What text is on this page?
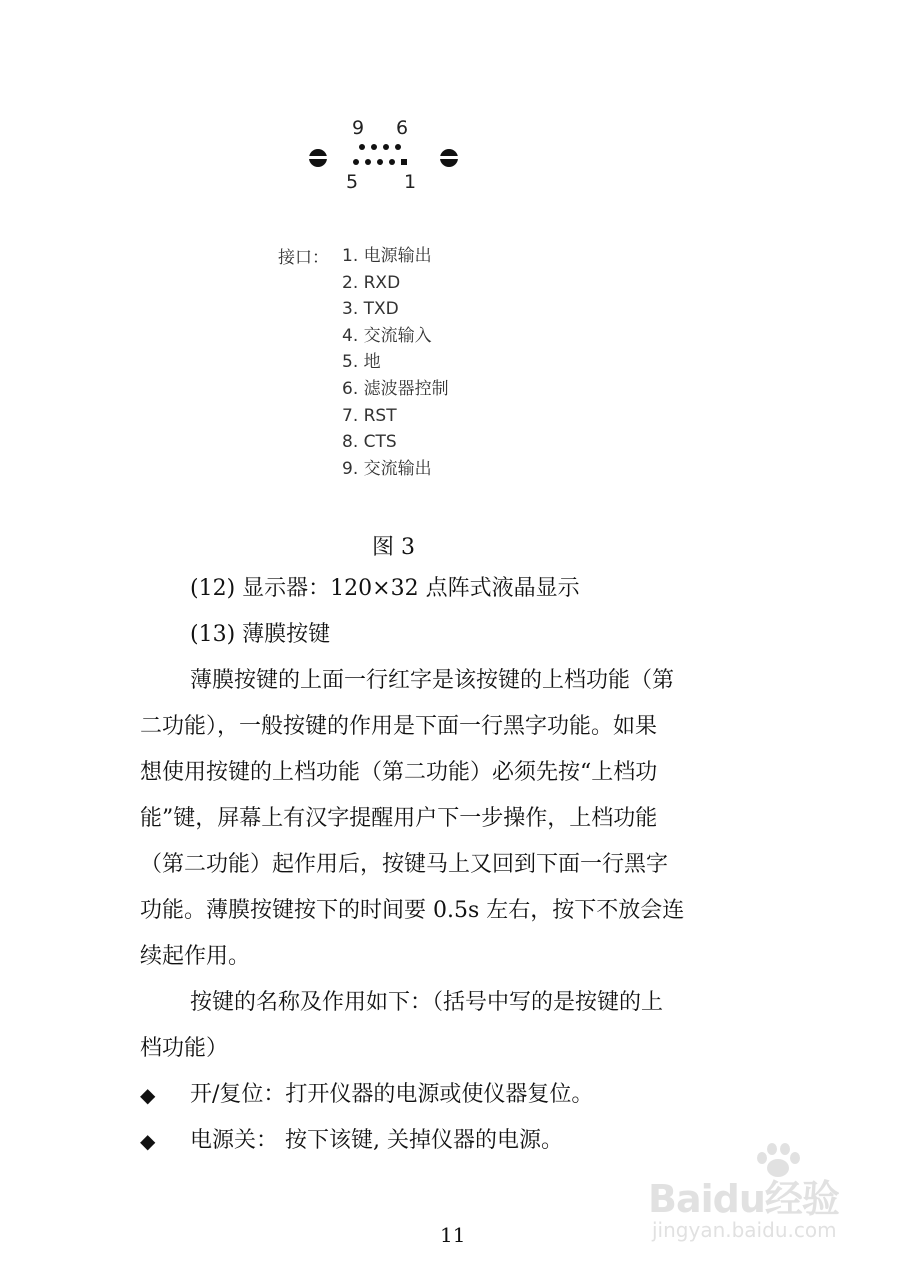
9 6
5 1
接口： 1. 电源输出
2. RXD
3. TXD
4. 交流输入
5. 地
6. 滤波器控制
7. RST
8. CTS
9. 交流输出
图 3
(12) 显示器：120×32 点阵式液晶显示
(13) 薄膜按键
薄膜按键的上面一行红字是该按键的上档功能（第
二功能），一般按键的作用是下面一行黑字功能。如果
想使用按键的上档功能（第二功能）必须先按“上档功
能”键，屏幕上有汉字提醒用户下一步操作，上档功能
（第二功能）起作用后，按键马上又回到下面一行黑字
功能。薄膜按键按下的时间要 0.5s 左右，按下不放会连
续起作用。
按键的名称及作用如下：（括号中写的是按键的上
档功能）
◆	开/复位：打开仪器的电源或使仪器复位。
◆	电源关： 按下该键, 关掉仪器的电源。
Baidu经验
jingyan.baidu.com
11
